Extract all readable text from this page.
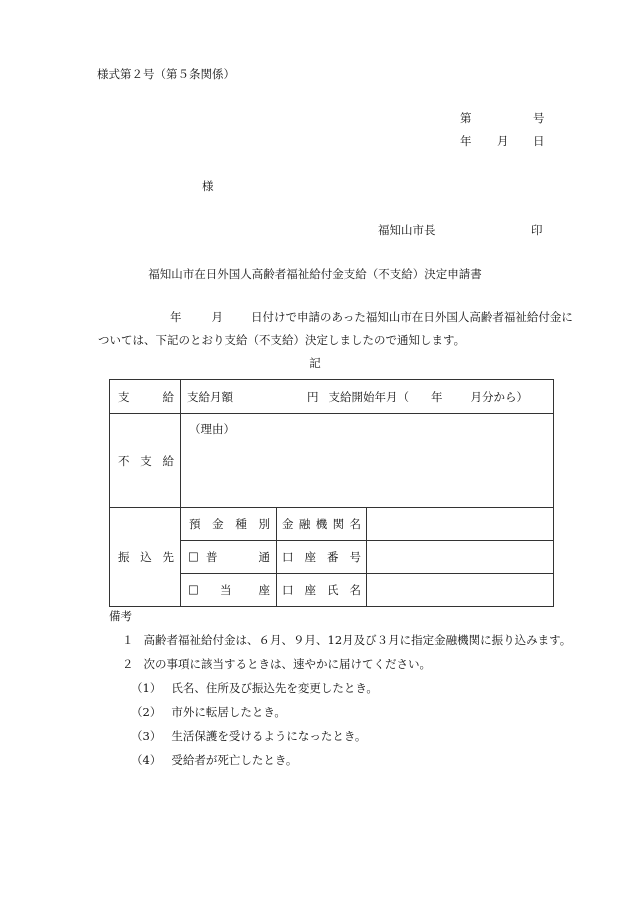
様式第２号（第５条関係）
第	号
年 月 日
様
福知山市長	印
福知山市在日外国人高齢者福祉給付金支給（不支給）決定申請書
年	月 日付けで申請のあった福知山市在日外国人高齢者福祉給付金に
ついては、下記のとおり支給（不支給）決定しましたので通知します。
記
支 給	支給月額 円 支給開始年月（ 年 月分から）		

不 支 給	（理由）		

振 込 先	預 金 種 別	金 融 機 関 名	

	□ 普 通	口 座 番 号	

	□ 当 座	口 座 氏 名	

備考
１ 高齢者福祉給付金は、６月、９月、12月及び３月に指定金融機関に振り込みます。
２ 次の事項に該当するときは、速やかに届けてください。
（1） 氏名、住所及び振込先を変更したとき。
（2） 市外に転居したとき。
（3） 生活保護を受けるようになったとき。
（4） 受給者が死亡したとき。
